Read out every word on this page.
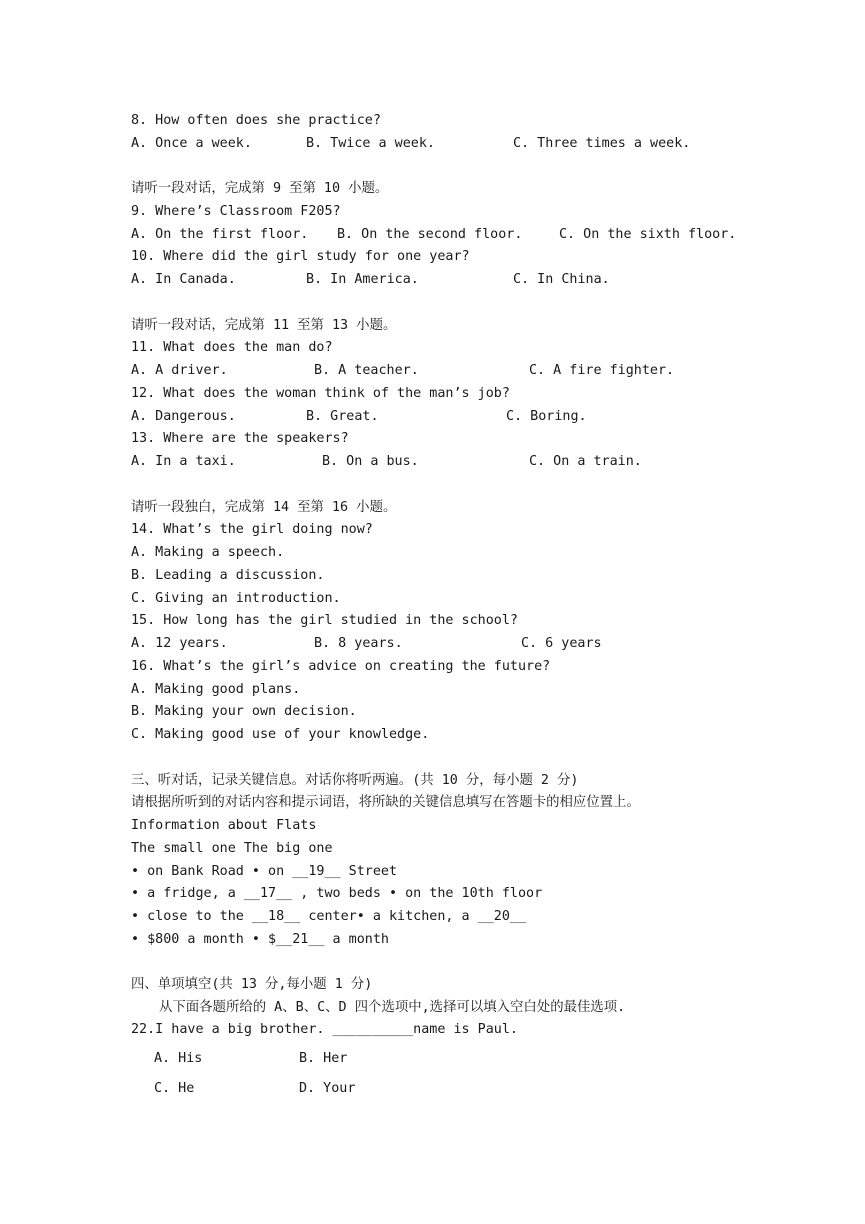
8. How often does she practice?
A. Once a week.	B. Twice a week.	C. Three times a week.
请听一段对话，完成第 9 至第 10 小题。
9. Where’s Classroom F205?
A. On the first floor. B. On the second floor.	C. On the sixth floor.
10. Where did the girl study for one year?
A. In Canada.	B. In America.	C. In China.
请听一段对话，完成第 11 至第 13 小题。
11. What does the man do?
A. A driver.	B. A teacher.	C. A fire fighter.
12. What does the woman think of the man’s job?
A. Dangerous.	B. Great.	C. Boring.
13. Where are the speakers?
A. In a taxi.	B. On a bus.	C. On a train.
请听一段独白，完成第 14 至第 16 小题。
14. What’s the girl doing now?
A. Making a speech.
B. Leading a discussion.
C. Giving an introduction.
15. How long has the girl studied in the school?
A. 12 years.	B. 8 years.	C. 6 years
16. What’s the girl’s advice on creating the future?
A. Making good plans.
B. Making your own decision.
C. Making good use of your knowledge.
三、听对话，记录关键信息。对话你将听两遍。(共 10 分，每小题 2 分)
请根据所听到的对话内容和提示词语，将所缺的关键信息填写在答题卡的相应位置上。
Information about Flats
The small one The big one
• on Bank Road • on __19__ Street
• a fridge, a __17__ , two beds • on the 10th floor
• close to the __18__ center• a kitchen, a __20__
• $800 a month • $__21__ a month
四、单项填空(共 13 分,每小题 1 分)
从下面各题所给的 A、B、C、D 四个选项中,选择可以填入空白处的最佳选项.
22.I have a big brother. __________name is Paul.
A. His	B. Her
C. He	D. Your
